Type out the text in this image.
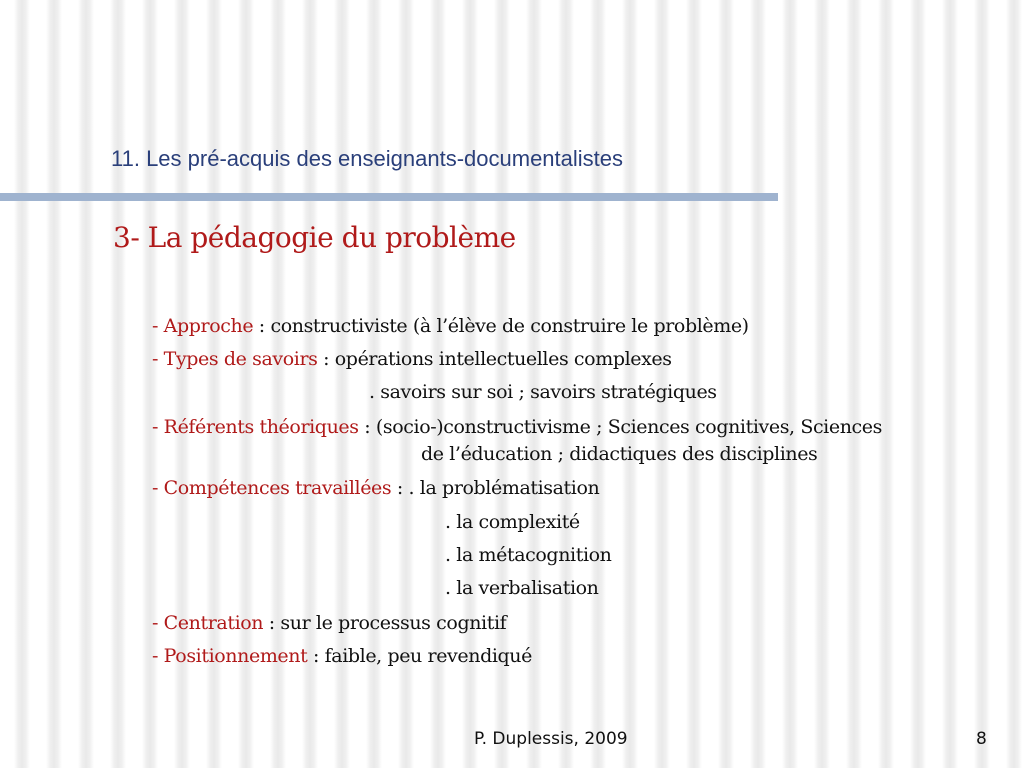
11. Les pré-acquis des enseignants-documentalistes
3- La pédagogie du problème
- Approche : constructiviste (à l’élève de construire le problème)
- Types de savoirs : opérations intellectuelles complexes
. savoirs sur soi ; savoirs stratégiques
- Référents théoriques : (socio-)constructivisme ; Sciences cognitives, Sciences
de l’éducation ; didactiques des disciplines
- Compétences travaillées : . la problématisation
. la complexité
. la métacognition
. la verbalisation
- Centration : sur le processus cognitif
- Positionnement : faible, peu revendiqué
P. Duplessis, 2009	8
